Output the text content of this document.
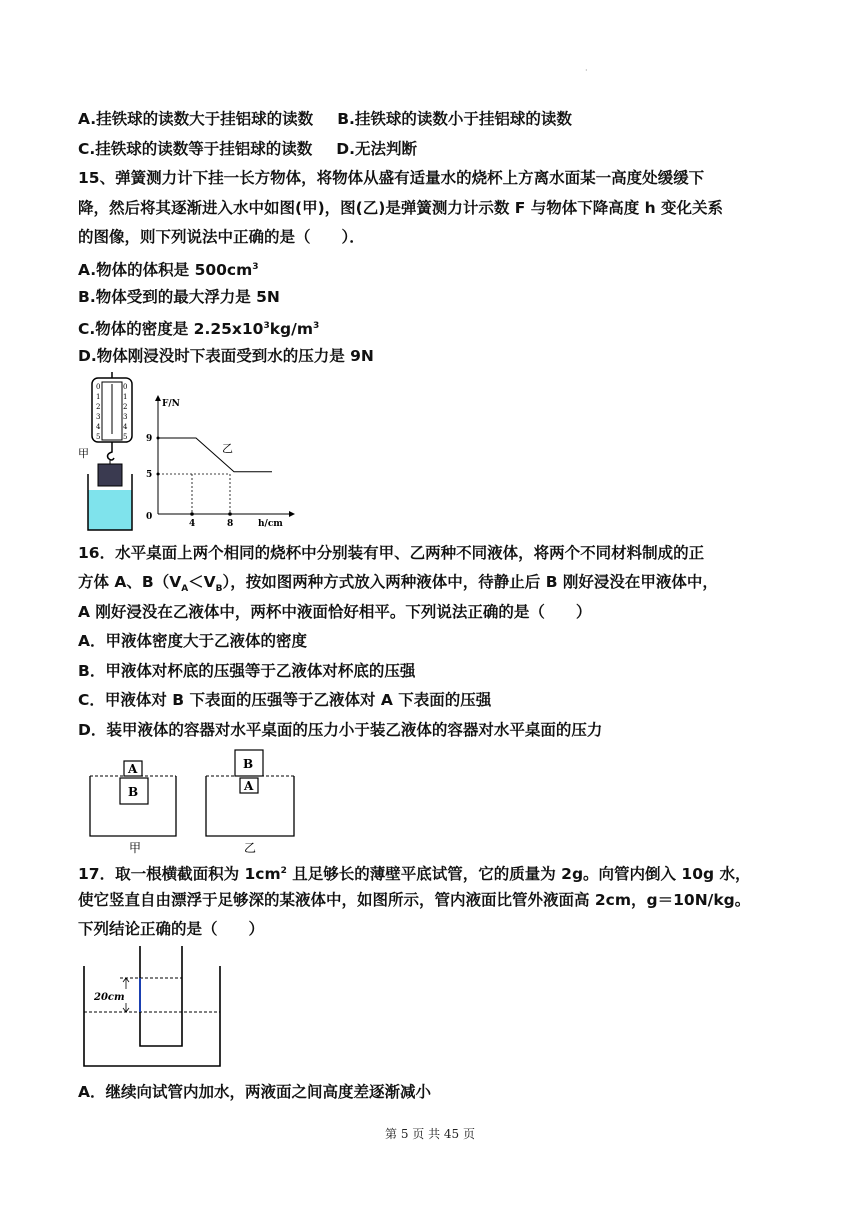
·
A.挂铁球的读数大于挂铝球的读数 B.挂铁球的读数小于挂铝球的读数
C.挂铁球的读数等于挂铝球的读数 D.无法判断
15、弹簧测力计下挂一长方物体，将物体从盛有适量水的烧杯上方离水面某一高度处缓缓下
降，然后将其逐渐进入水中如图(甲)，图(乙)是弹簧测力计示数 F 与物体下降高度 h 变化关系
的图像，则下列说法中正确的是（　　）．
A.物体的体积是 $500cm^3$
B.物体受到的最大浮力是 5N
C.物体的密度是 $2.25x10^3kg/m^3$
D.物体刚浸没时下表面受到水的压力是 9N
0
1
2
3
4
5
0
1
2
3
4
5
甲
F/N
h/cm
0
9
5
4	8
乙
16．水平桌面上两个相同的烧杯中分别装有甲、乙两种不同液体，将两个不同材料制成的正
方体 A、$B(V_A<V_B)$，按如图两种方式放入两种液体中，待静止后 B 刚好浸没在甲液体中，
A 刚好浸没在乙液体中，两杯中液面恰好相平。下列说法正确的是（　　）
A．甲液体密度大于乙液体的密度
B．甲液体对杯底的压强等于乙液体对杯底的压强
C．甲液体对 B 下表面的压强等于乙液体对 A 下表面的压强
D．装甲液体的容器对水平桌面的压力小于装乙液体的容器对水平桌面的压力
A
B
甲
B
A
乙
17．取一根横截面积为 $1cm^2$ 且足够长的薄壁平底试管，它的质量为 2g。向管内倒入 10g 水，
使它竖直自由漂浮于足够深的某液体中，如图所示，管内液面比管外液面高 2cm，g＝10N/kg。
下列结论正确的是（　　）
20cm
A．继续向试管内加水，两液面之间高度差逐渐减小
第 5 页 共 45 页
